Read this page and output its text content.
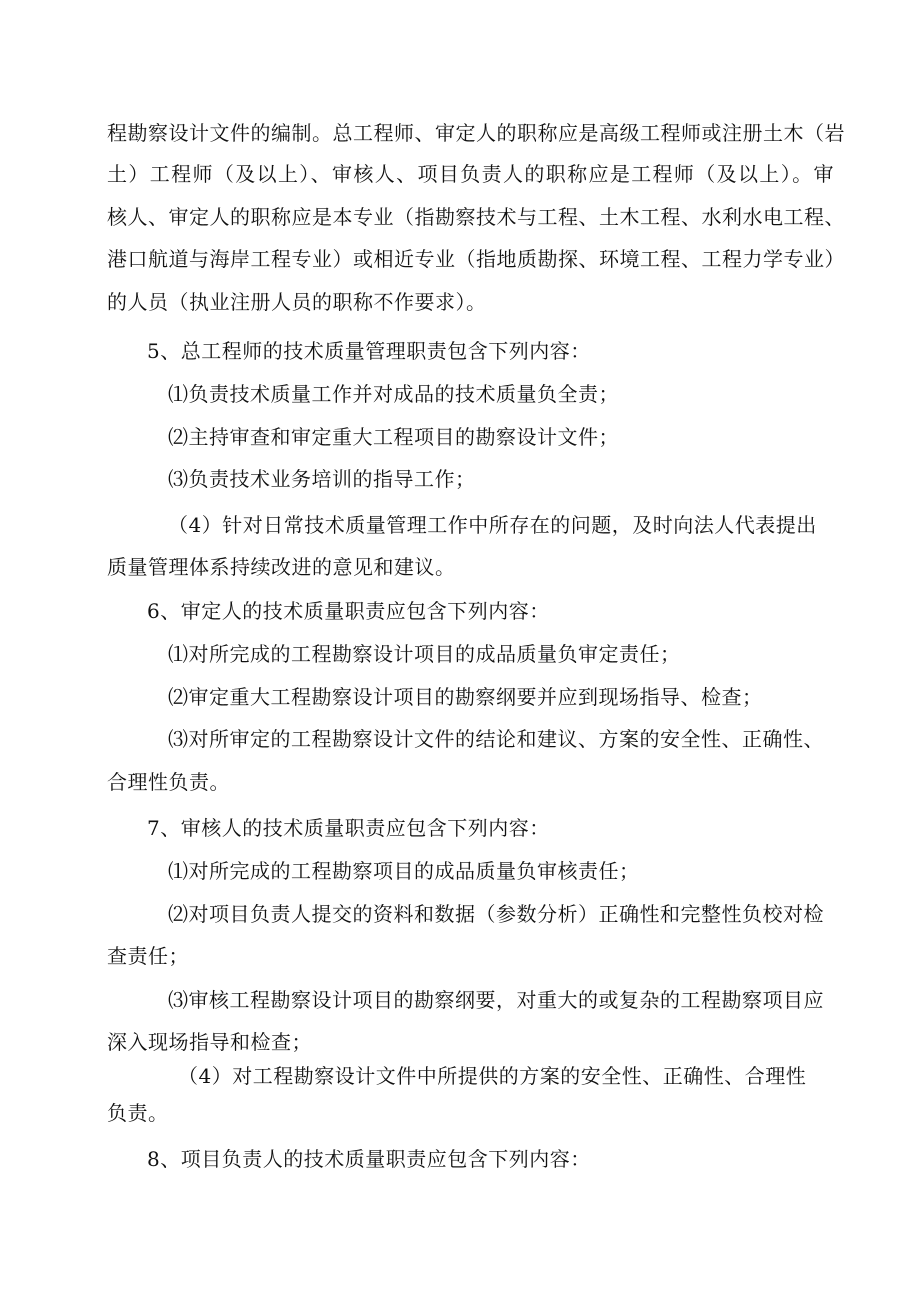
程勘察设计文件的编制。总工程师、审定人的职称应是高级工程师或注册土木（岩
土）工程师（及以上）、审核人、项目负责人的职称应是工程师（及以上）。审
核人、审定人的职称应是本专业（指勘察技术与工程、土木工程、水利水电工程、
港口航道与海岸工程专业）或相近专业（指地质勘探、环境工程、工程力学专业）
的人员（执业注册人员的职称不作要求）。
5、总工程师的技术质量管理职责包含下列内容：
⑴负责技术质量工作并对成品的技术质量负全责；
⑵主持审查和审定重大工程项目的勘察设计文件；
⑶负责技术业务培训的指导工作；
（4）针对日常技术质量管理工作中所存在的问题，及时向法人代表提出
质量管理体系持续改进的意见和建议。
6、审定人的技术质量职责应包含下列内容：
⑴对所完成的工程勘察设计项目的成品质量负审定责任；
⑵审定重大工程勘察设计项目的勘察纲要并应到现场指导、检查；
⑶对所审定的工程勘察设计文件的结论和建议、方案的安全性、正确性、
合理性负责。
7、审核人的技术质量职责应包含下列内容：
⑴对所完成的工程勘察项目的成品质量负审核责任；
⑵对项目负责人提交的资料和数据（参数分析）正确性和完整性负校对检
查责任；
⑶审核工程勘察设计项目的勘察纲要，对重大的或复杂的工程勘察项目应
深入现场指导和检查；
（4）对工程勘察设计文件中所提供的方案的安全性、正确性、合理性
负责。
8、项目负责人的技术质量职责应包含下列内容：
